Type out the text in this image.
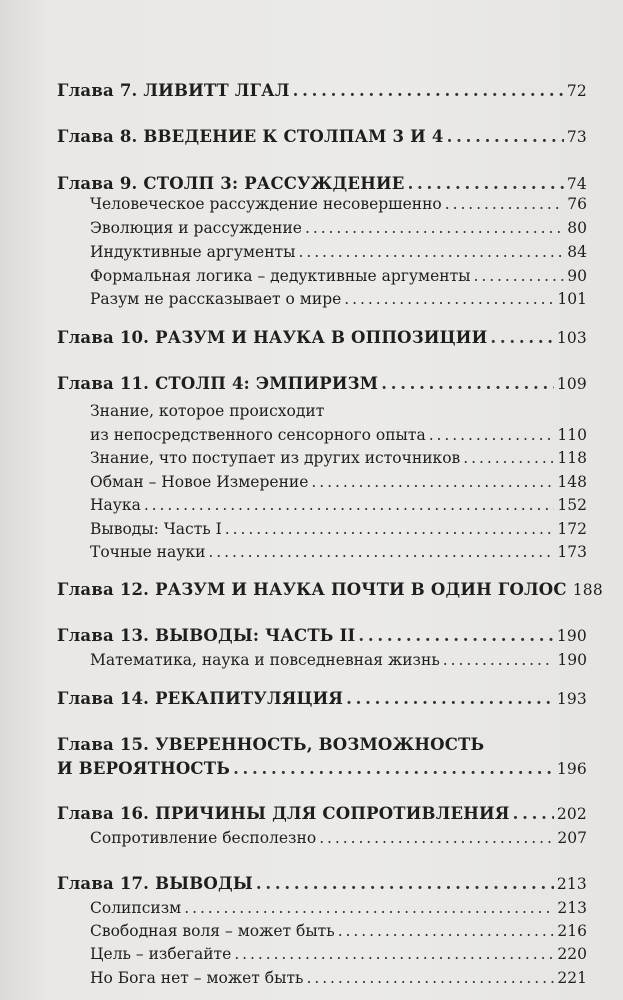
Глава 7. ЛИВИТТ ЛГАЛ . . .	72
Глава 8. ВВЕДЕНИЕ К СТОЛПАМ 3 И 4 . . .	73
Глава 9. СТОЛП 3: РАССУЖДЕНИЕ . . .	74
Человеческое рассуждение несовершенно . . .	76
Эволюция и рассуждение . . .	80
Индуктивные аргументы . . .	84
Формальная логика – дедуктивные аргументы . . .	90
Разум не рассказывает о мире . . .	101
Глава 10. РАЗУМ И НАУКА В ОППОЗИЦИИ . . .	103
Глава 11. СТОЛП 4: ЭМПИРИЗМ . . .	109
Знание, которое происходит
из непосредственного сенсорного опыта . . .	110
Знание, что поступает из других источников . . .	118
Обман – Новое Измерение . . .	148
Наука . . .	152
Выводы: Часть I . . .	172
Точные науки . . .	173
Глава 12. РАЗУМ И НАУКА ПОЧТИ В ОДИН ГОЛОС 188
Глава 13. ВЫВОДЫ: ЧАСТЬ II . . .	190
Математика, наука и повседневная жизнь . . .	190
Глава 14. РЕКАПИТУЛЯЦИЯ . . .	193
Глава 15. УВЕРЕННОСТЬ, ВОЗМОЖНОСТЬ
И ВЕРОЯТНОСТЬ . . .	196
Глава 16. ПРИЧИНЫ ДЛЯ СОПРОТИВЛЕНИЯ . . .	202
Сопротивление бесполезно . . .	207
Глава 17. ВЫВОДЫ . . .	213
Солипсизм . . .	213
Свободная воля – может быть . . .	216
Цель – избегайте . . .	220
Но Бога нет – может быть . . .	221
